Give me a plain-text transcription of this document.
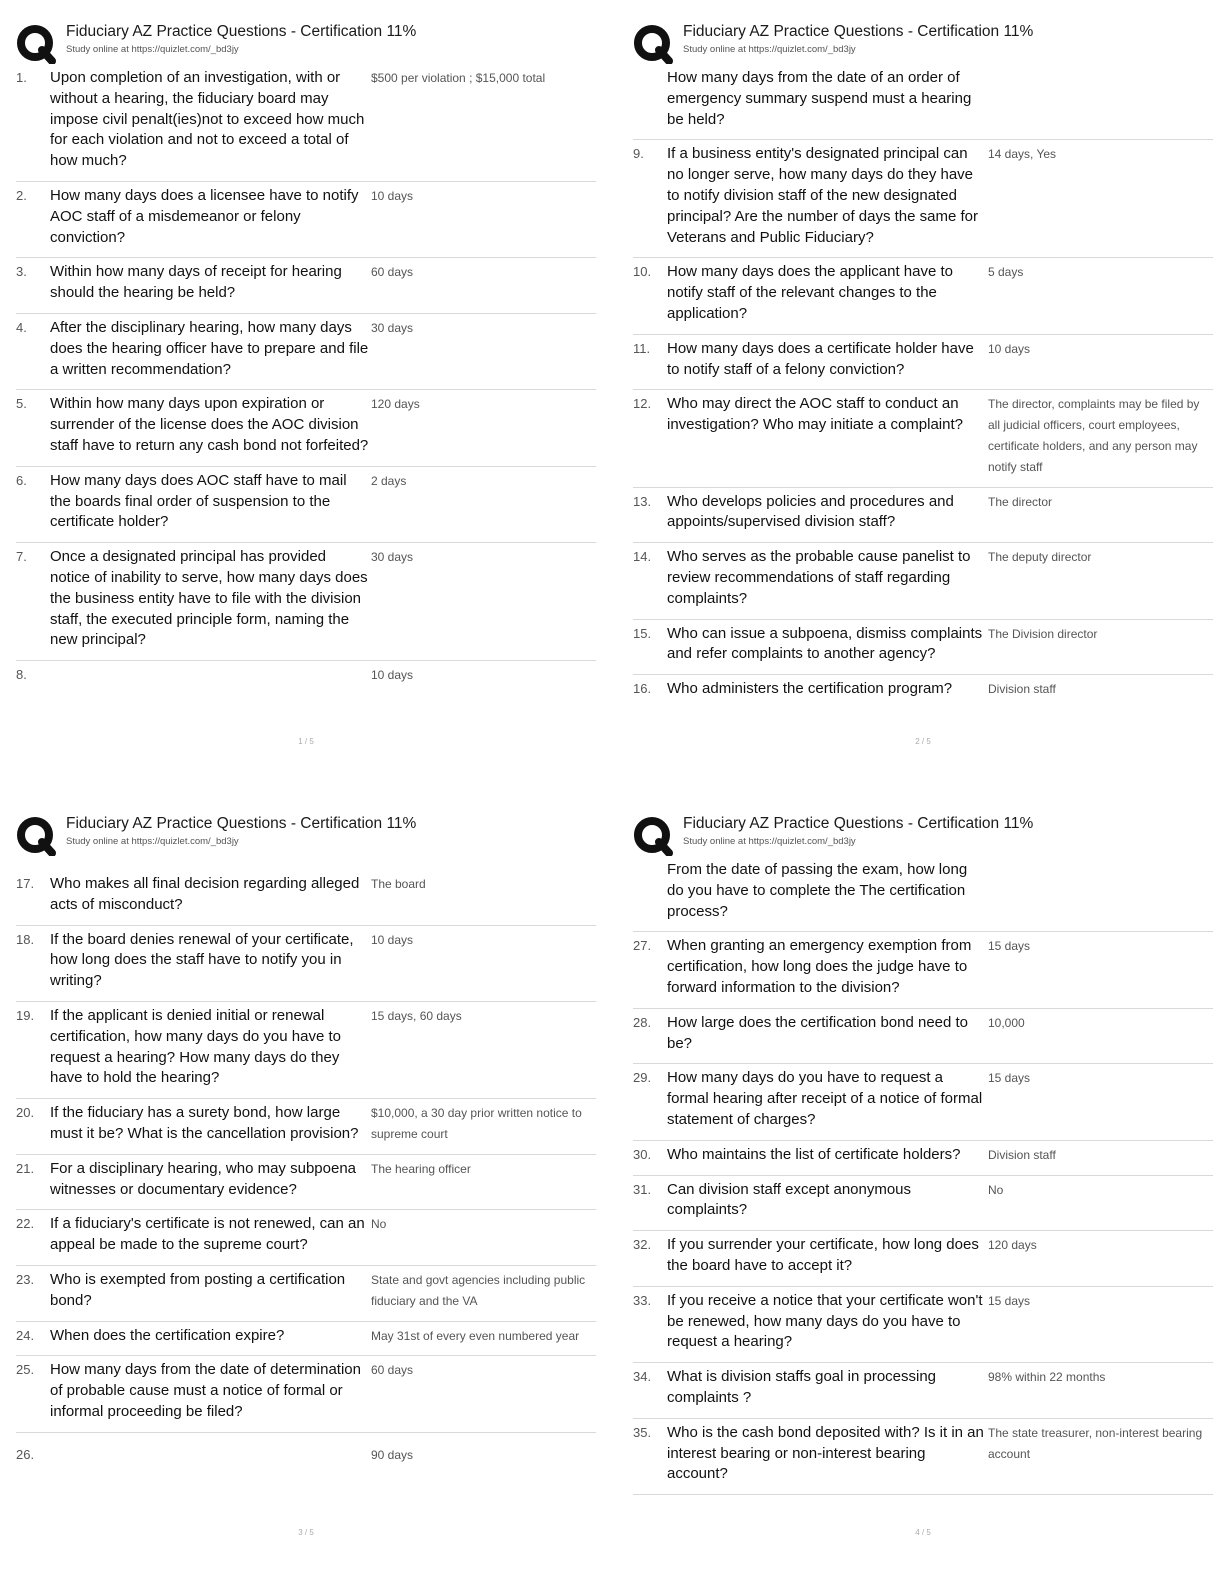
Fiduciary AZ Practice Questions - Certification 11%
Study online at https://quizlet.com/_bd3jy
1.	Upon completion of an investigation, with or without a hearing, the fiduciary board may impose civil penalt(ies)not to exceed how much for each violation and not to exceed a total of how much?
$500 per violation ; $15,000 total
2.	How many days does a licensee have to notify AOC staff of a misdemeanor or felony conviction?
10 days
3.	Within how many days of receipt for hearing should the hearing be held?
60 days
4.	After the disciplinary hearing, how many days does the hearing officer have to prepare and file a written recommendation?
30 days
5.	Within how many days upon expiration or surrender of the license does the AOC division staff have to return any cash bond not forfeited?
120 days
6.	How many days does AOC staff have to mail the boards final order of suspension to the certificate holder?
2 days
7.	Once a designated principal has provided notice of inability to serve, how many days does the business entity have to file with the division staff, the executed principle form, naming the new principal?
30 days
8.	10 days
1 / 5
Fiduciary AZ Practice Questions - Certification 11%
Study online at https://quizlet.com/_bd3jy
How many days from the date of an order of emergency summary suspend must a hearing be held?
9.	If a business entity's designated principal can no longer serve, how many days do they have to notify division staff of the new designated principal? Are the number of days the same for Veterans and Public Fiduciary?
14 days, Yes
10.	How many days does the applicant have to notify staff of the relevant changes to the application?
5 days
11.	How many days does a certificate holder have to notify staff of a felony conviction?
10 days
12.	Who may direct the AOC staff to conduct an investigation? Who may initiate a complaint?
The director, complaints may be filed by all judicial officers, court employees, certificate holders, and any person may notify staff
13.	Who develops policies and procedures and appoints/supervised division staff?
The director
14.	Who serves as the probable cause panelist to review recommendations of staff regarding complaints?
The deputy director
15.	Who can issue a subpoena, dismiss complaints and refer complaints to another agency?
The Division director
16.	Who administers the certification program?	Division staff
2 / 5
Fiduciary AZ Practice Questions - Certification 11%
Study online at https://quizlet.com/_bd3jy
17.	Who makes all final decision regarding alleged acts of misconduct?
The board
18.	If the board denies renewal of your certificate, how long does the staff have to notify you in writing?
10 days
19.	If the applicant is denied initial or renewal certification, how many days do you have to request a hearing? How many days do they have to hold the hearing?
15 days, 60 days
20.	If the fiduciary has a surety bond, how large must it be? What is the cancellation provision?
$10,000, a 30 day prior written notice to supreme court
21.	For a disciplinary hearing, who may subpoena witnesses or documentary evidence?
The hearing officer
22.	If a fiduciary's certificate is not renewed, can an appeal be made to the supreme court?
No
23.	Who is exempted from posting a certification bond?
State and govt agencies including public fiduciary and the VA
24.	When does the certification expire?	May 31st of every even numbered year
25.	How many days from the date of determination of probable cause must a notice of formal or informal proceeding be filed?
60 days
26.	90 days
3 / 5
Fiduciary AZ Practice Questions - Certification 11%
Study online at https://quizlet.com/_bd3jy
From the date of passing the exam, how long do you have to complete the The certification process?
27.	When granting an emergency exemption from certification, how long does the judge have to forward information to the division?
15 days
28.	How large does the certification bond need to be?
10,000
29.	How many days do you have to request a formal hearing after receipt of a notice of formal statement of charges?
15 days
30.	Who maintains the list of certificate holders?	Division staff
31.	Can division staff except anonymous complaints?
No
32.	If you surrender your certificate, how long does the board have to accept it?
120 days
33.	If you receive a notice that your certificate won't be renewed, how many days do you have to request a hearing?
15 days
34.	What is division staffs goal in processing complaints ?
98% within 22 months
35.	Who is the cash bond deposited with? Is it in an interest bearing or non-interest bearing account?
The state treasurer, non-interest bearing account
4 / 5
